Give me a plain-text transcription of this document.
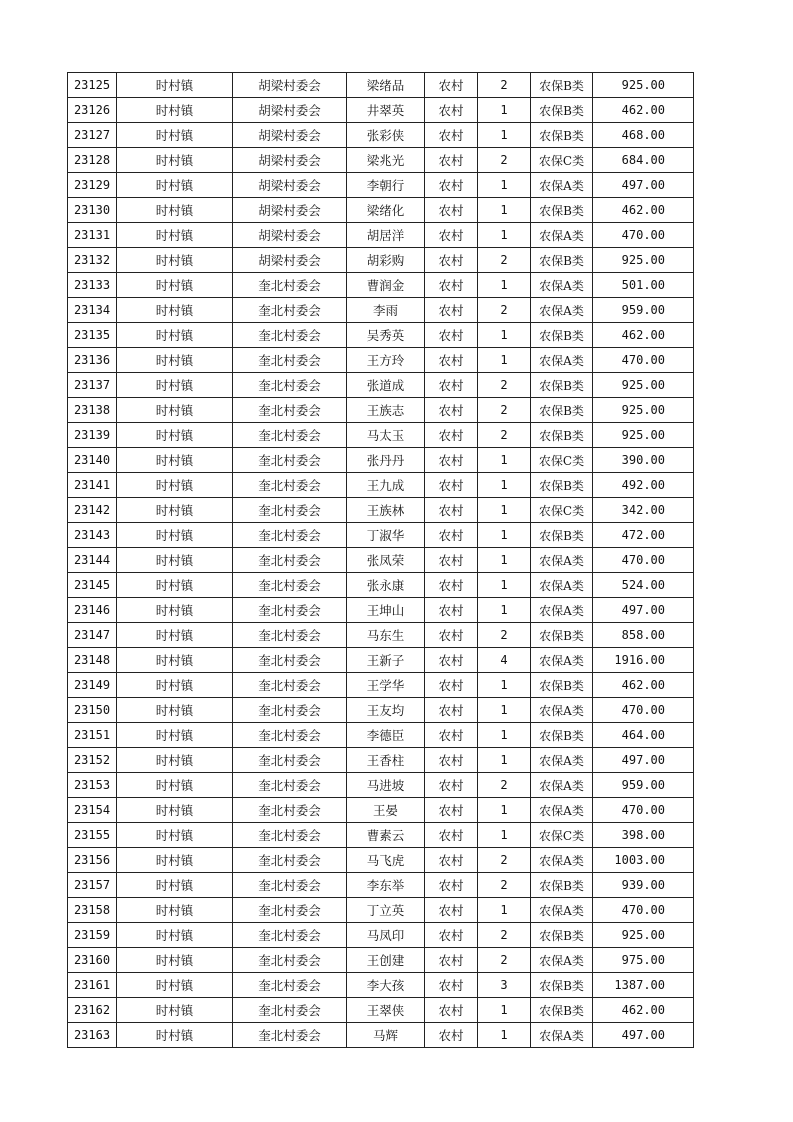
23125	时村镇	胡梁村委会	梁绪品	农村	2	农保B类	925.00
23126	时村镇	胡梁村委会	井翠英	农村	1	农保B类	462.00
23127	时村镇	胡梁村委会	张彩侠	农村	1	农保B类	468.00
23128	时村镇	胡梁村委会	梁兆光	农村	2	农保C类	684.00
23129	时村镇	胡梁村委会	李朝行	农村	1	农保A类	497.00
23130	时村镇	胡梁村委会	梁绪化	农村	1	农保B类	462.00
23131	时村镇	胡梁村委会	胡居洋	农村	1	农保A类	470.00
23132	时村镇	胡梁村委会	胡彩购	农村	2	农保B类	925.00
23133	时村镇	奎北村委会	曹润金	农村	1	农保A类	501.00
23134	时村镇	奎北村委会	李雨	农村	2	农保A类	959.00
23135	时村镇	奎北村委会	吴秀英	农村	1	农保B类	462.00
23136	时村镇	奎北村委会	王方玲	农村	1	农保A类	470.00
23137	时村镇	奎北村委会	张道成	农村	2	农保B类	925.00
23138	时村镇	奎北村委会	王族志	农村	2	农保B类	925.00
23139	时村镇	奎北村委会	马太玉	农村	2	农保B类	925.00
23140	时村镇	奎北村委会	张丹丹	农村	1	农保C类	390.00
23141	时村镇	奎北村委会	王九成	农村	1	农保B类	492.00
23142	时村镇	奎北村委会	王族林	农村	1	农保C类	342.00
23143	时村镇	奎北村委会	丁淑华	农村	1	农保B类	472.00
23144	时村镇	奎北村委会	张凤荣	农村	1	农保A类	470.00
23145	时村镇	奎北村委会	张永康	农村	1	农保A类	524.00
23146	时村镇	奎北村委会	王坤山	农村	1	农保A类	497.00
23147	时村镇	奎北村委会	马东生	农村	2	农保B类	858.00
23148	时村镇	奎北村委会	王新子	农村	4	农保A类	1916.00
23149	时村镇	奎北村委会	王学华	农村	1	农保B类	462.00
23150	时村镇	奎北村委会	王友均	农村	1	农保A类	470.00
23151	时村镇	奎北村委会	李德臣	农村	1	农保B类	464.00
23152	时村镇	奎北村委会	王香柱	农村	1	农保A类	497.00
23153	时村镇	奎北村委会	马进坡	农村	2	农保A类	959.00
23154	时村镇	奎北村委会	王晏	农村	1	农保A类	470.00
23155	时村镇	奎北村委会	曹素云	农村	1	农保C类	398.00
23156	时村镇	奎北村委会	马飞虎	农村	2	农保A类	1003.00
23157	时村镇	奎北村委会	李东举	农村	2	农保B类	939.00
23158	时村镇	奎北村委会	丁立英	农村	1	农保A类	470.00
23159	时村镇	奎北村委会	马凤印	农村	2	农保B类	925.00
23160	时村镇	奎北村委会	王创建	农村	2	农保A类	975.00
23161	时村镇	奎北村委会	李大孩	农村	3	农保B类	1387.00
23162	时村镇	奎北村委会	王翠侠	农村	1	农保B类	462.00
23163	时村镇	奎北村委会	马辉	农村	1	农保A类	497.00
